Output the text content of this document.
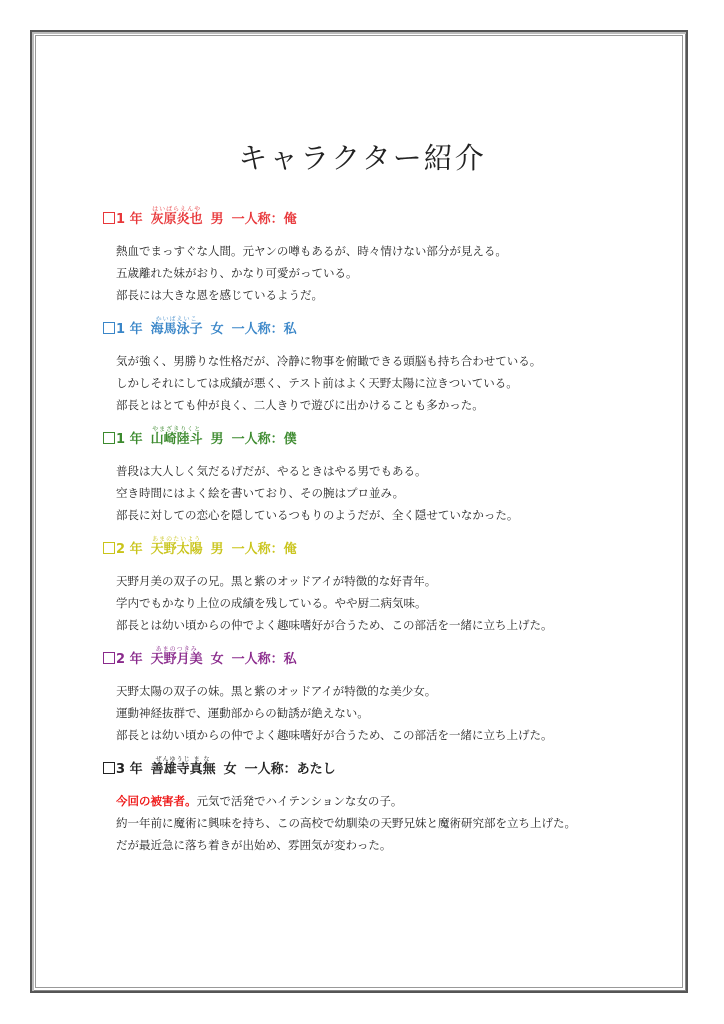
キャラクター紹介
1 年
はいばらえんや
灰原炎也 男 一人称：俺
熱血でまっすぐな人間。元ヤンの噂もあるが、時々情けない部分が見える。
五歳離れた妹がおり、かなり可愛がっている。
部長には大きな恩を感じているようだ。
1 年
かいばえいこ
海馬泳子 女 一人称：私
気が強く、男勝りな性格だが、冷静に物事を俯瞰できる頭脳も持ち合わせている。
しかしそれにしては成績が悪く、テスト前はよく天野太陽に泣きついている。
部長とはとても仲が良く、二人きりで遊びに出かけることも多かった。
1 年
やまざきりくと
山崎陸斗 男 一人称：僕
普段は大人しく気だるげだが、やるときはやる男でもある。
空き時間にはよく絵を書いており、その腕はプロ並み。
部長に対しての恋心を隠しているつもりのようだが、全く隠せていなかった。
2 年
あまのたいよう
天野太陽 男 一人称：俺
天野月美の双子の兄。黒と紫のオッドアイが特徴的な好青年。
学内でもかなり上位の成績を残している。やや厨二病気味。
部長とは幼い頃からの仲でよく趣味嗜好が合うため、この部活を一緒に立ち上げた。
2 年
あまのつきみ
天野月美 女 一人称：私
天野太陽の双子の妹。黒と紫のオッドアイが特徴的な美少女。
運動神経抜群で、運動部からの勧誘が絶えない。
部長とは幼い頃からの仲でよく趣味嗜好が合うため、この部活を一緒に立ち上げた。
3 年
ぜんゆうじ ま な
善雄寺真無 女 一人称：あたし
今回の被害者。元気で活発でハイテンションな女の子。
約一年前に魔術に興味を持ち、この高校で幼馴染の天野兄妹と魔術研究部を立ち上げた。
だが最近急に落ち着きが出始め、雰囲気が変わった。
